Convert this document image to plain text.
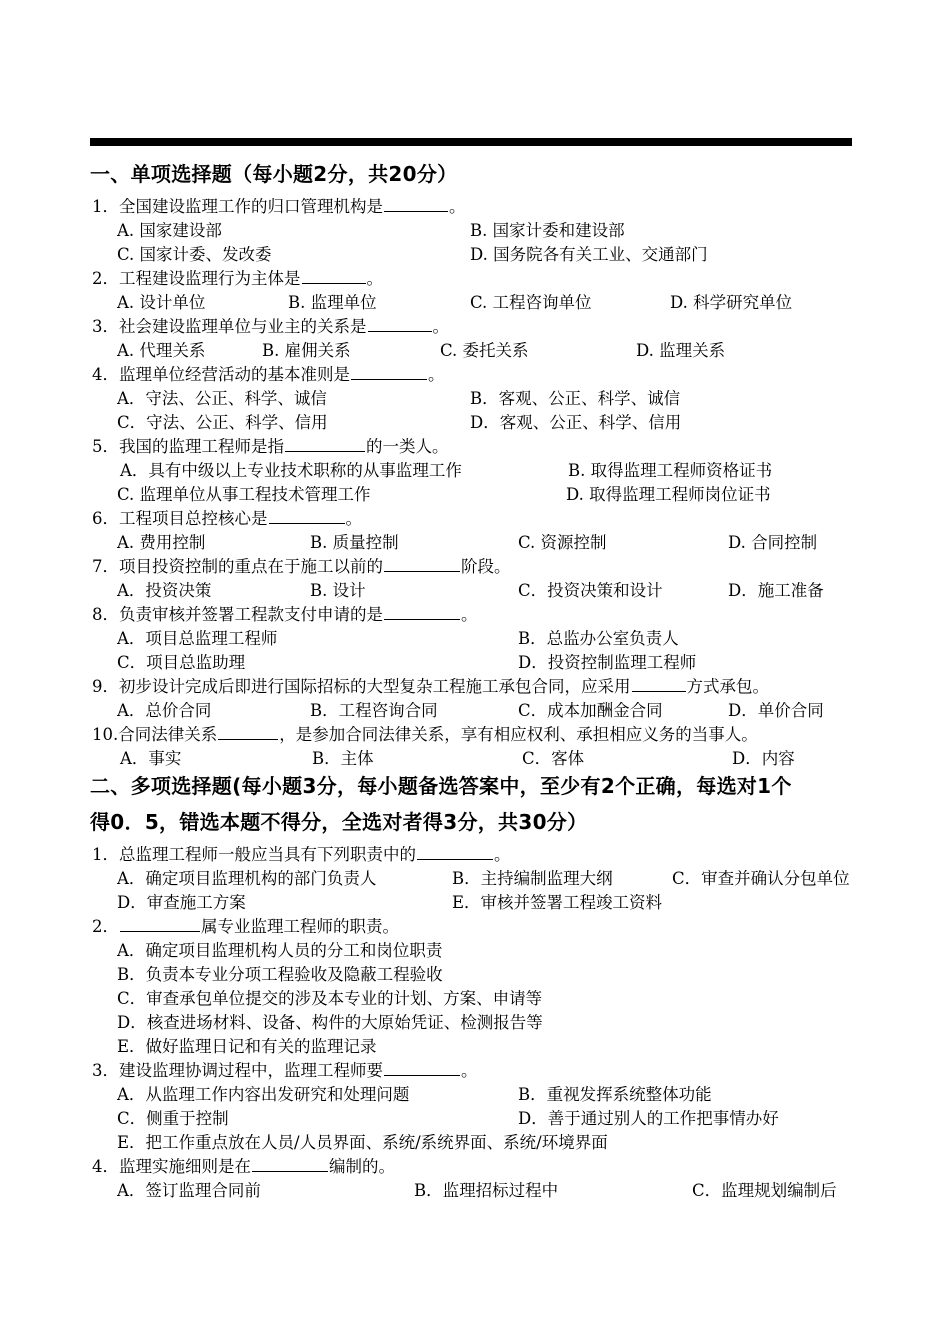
一、单项选择题（每小题2分，共20分）
1．全国建设监理工作的归口管理机构是	。
A. 国家建设部	B. 国家计委和建设部
C. 国家计委、发改委	D. 国务院各有关工业、交通部门
2．工程建设监理行为主体是	。
A. 设计单位	B. 监理单位	C. 工程咨询单位	D. 科学研究单位
3．社会建设监理单位与业主的关系是	。
A. 代理关系	B. 雇佣关系	C. 委托关系	D. 监理关系
4．监理单位经营活动的基本准则是	。
A．守法、公正、科学、诚信	B．客观、公正、科学、诚信
C．守法、公正、科学、信用	D．客观、公正、科学、信用
5．我国的监理工程师是指	的一类人。
A．具有中级以上专业技术职称的从事监理工作	B. 取得监理工程师资格证书
C. 监理单位从事工程技术管理工作	D. 取得监理工程师岗位证书
6．工程项目总控核心是	。
A. 费用控制	B. 质量控制	C. 资源控制	D. 合同控制
7．项目投资控制的重点在于施工以前的	阶段。
A．投资决策	B. 设计	C．投资决策和设计	D．施工准备
8．负责审核并签署工程款支付申请的是	。
A．项目总监理工程师	B．总监办公室负责人
C．项目总监助理	D．投资控制监理工程师
9．初步设计完成后即进行国际招标的大型复杂工程施工承包合同，应采用	方式承包。
A．总价合同	B．工程咨询合同	C．成本加酬金合同	D．单价合同
10.合同法律关系	，是参加合同法律关系，享有相应权利、承担相应义务的当事人。
A．事实	B．主体	C．客体	D．内容
二、多项选择题(每小题3分，每小题备选答案中，至少有2个正确，每选对1个
得0．5，错选本题不得分，全选对者得3分，共30分）
1．总监理工程师一般应当具有下列职责中的	。
A．确定项目监理机构的部门负责人	B．主持编制监理大纲	C．审查并确认分包单位
D．审查施工方案	E．审核并签署工程竣工资料
2．	属专业监理工程师的职责。
A．确定项目监理机构人员的分工和岗位职责
B．负责本专业分项工程验收及隐蔽工程验收
C．审查承包单位提交的涉及本专业的计划、方案、申请等
D．核查进场材料、设备、构件的大原始凭证、检测报告等
E．做好监理日记和有关的监理记录
3．建设监理协调过程中，监理工程师要	。
A．从监理工作内容出发研究和处理问题	B．重视发挥系统整体功能
C．侧重于控制	D．善于通过别人的工作把事情办好
E．把工作重点放在人员/人员界面、系统/系统界面、系统/环境界面
4．监理实施细则是在	编制的。
A．签订监理合同前	B．监理招标过程中	C．监理规划编制后
